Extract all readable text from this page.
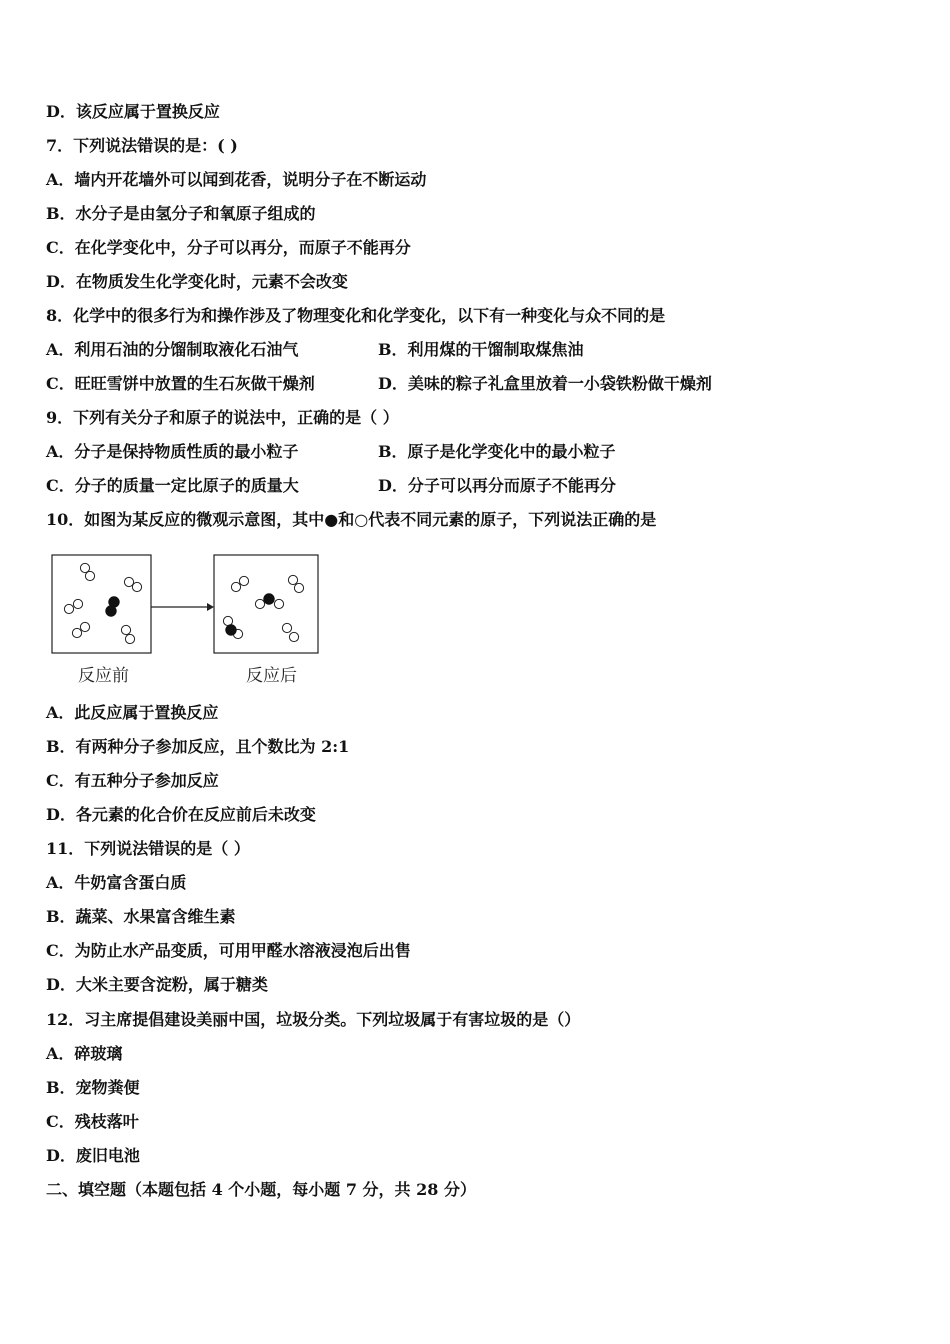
D．该反应属于置换反应
7．下列说法错误的是：( )
A．墙内开花墙外可以闻到花香，说明分子在不断运动
B．水分子是由氢分子和氧原子组成的
C．在化学变化中，分子可以再分，而原子不能再分
D．在物质发生化学变化时，元素不会改变
8．化学中的很多行为和操作涉及了物理变化和化学变化，以下有一种变化与众不同的是
A．利用石油的分馏制取液化石油气	B．利用煤的干馏制取煤焦油
C．旺旺雪饼中放置的生石灰做干燥剂	D．美味的粽子礼盒里放着一小袋铁粉做干燥剂
9．下列有关分子和原子的说法中，正确的是（ ）
A．分子是保持物质性质的最小粒子	B．原子是化学变化中的最小粒子
C．分子的质量一定比原子的质量大	D．分子可以再分而原子不能再分
10．如图为某反应的微观示意图，其中●和○代表不同元素的原子，下列说法正确的是
反应前	反应后
A．此反应属于置换反应
B．有两种分子参加反应，且个数比为 2:1
C．有五种分子参加反应
D．各元素的化合价在反应前后未改变
11．下列说法错误的是（ ）
A．牛奶富含蛋白质
B．蔬菜、水果富含维生素
C．为防止水产品变质，可用甲醛水溶液浸泡后出售
D．大米主要含淀粉，属于糖类
12．习主席提倡建设美丽中国，垃圾分类。下列垃圾属于有害垃圾的是（）
A．碎玻璃
B．宠物粪便
C．残枝落叶
D．废旧电池
二、填空题（本题包括 4 个小题，每小题 7 分，共 28 分）
